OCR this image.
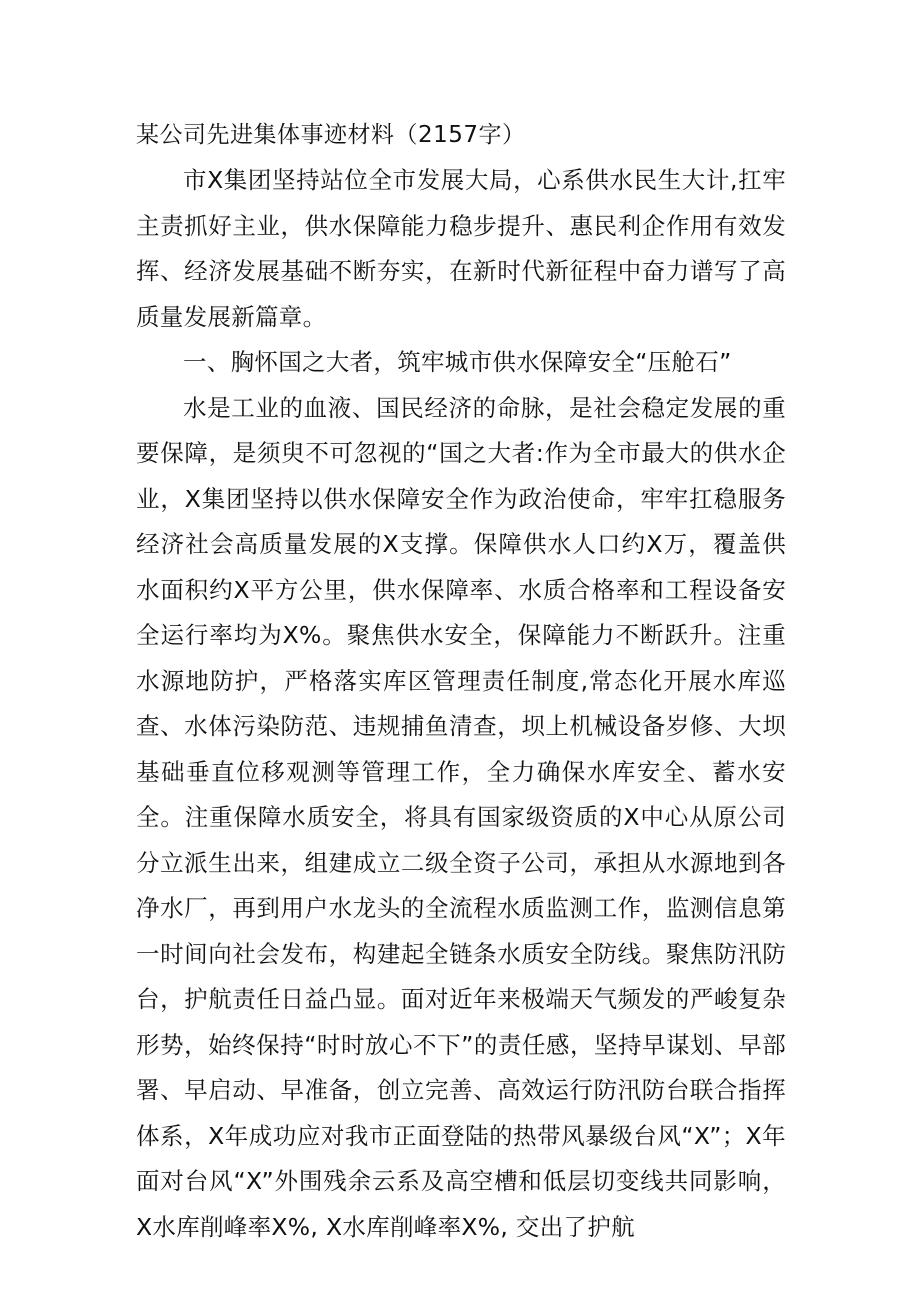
某公司先进集体事迹材料（2157字）

市X集团坚持站位全市发展大局，心系供水民生大计,扛牢主责抓好主业，供水保障能力稳步提升、惠民利企作用有效发挥、经济发展基础不断夯实，在新时代新征程中奋力谱写了高质量发展新篇章。

一、胸怀国之大者，筑牢城市供水保障安全“压舱石”

水是工业的血液、国民经济的命脉，是社会稳定发展的重要保障，是须臾不可忽视的“国之大者:作为全市最大的供水企业，X集团坚持以供水保障安全作为政治使命，牢牢扛稳服务经济社会高质量发展的X支撑。保障供水人口约X万，覆盖供水面积约X平方公里，供水保障率、水质合格率和工程设备安全运行率均为X%。聚焦供水安全，保障能力不断跃升。注重水源地防护，严格落实库区管理责任制度,常态化开展水库巡查、水体污染防范、违规捕鱼清查，坝上机械设备岁修、大坝基础垂直位移观测等管理工作，全力确保水库安全、蓄水安全。注重保障水质安全，将具有国家级资质的X中心从原公司分立派生出来，组建成立二级全资子公司，承担从水源地到各净水厂，再到用户水龙头的全流程水质监测工作，监测信息第一时间向社会发布，构建起全链条水质安全防线。聚焦防汛防台，护航责任日益凸显。面对近年来极端天气频发的严峻复杂形势，始终保持“时时放心不下”的责任感，坚持早谋划、早部署、早启动、早准备，创立完善、高效运行防汛防台联合指挥体系，X年成功应对我市正面登陆的热带风暴级台风“X”；X年面对台风“X”外围残余云系及高空槽和低层切变线共同影响，X水库削峰率X%, X水库削峰率X%, 交出了护航
